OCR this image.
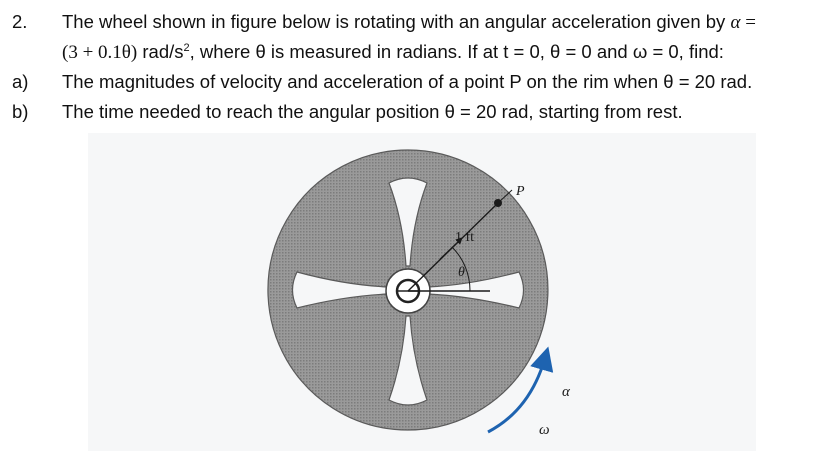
2. The wheel shown in figure below is rotating with an angular acceleration given by α =
(3 + 0.1θ) rad/$s^2$, where θ is measured in radians. If at t = 0, θ = 0 and ω = 0, find:
a) The magnitudes of velocity and acceleration of a point P on the rim when θ = 20 rad.
b) The time needed to reach the angular position θ = 20 rad, starting from rest.
P
1 ft
θ
α
ω
